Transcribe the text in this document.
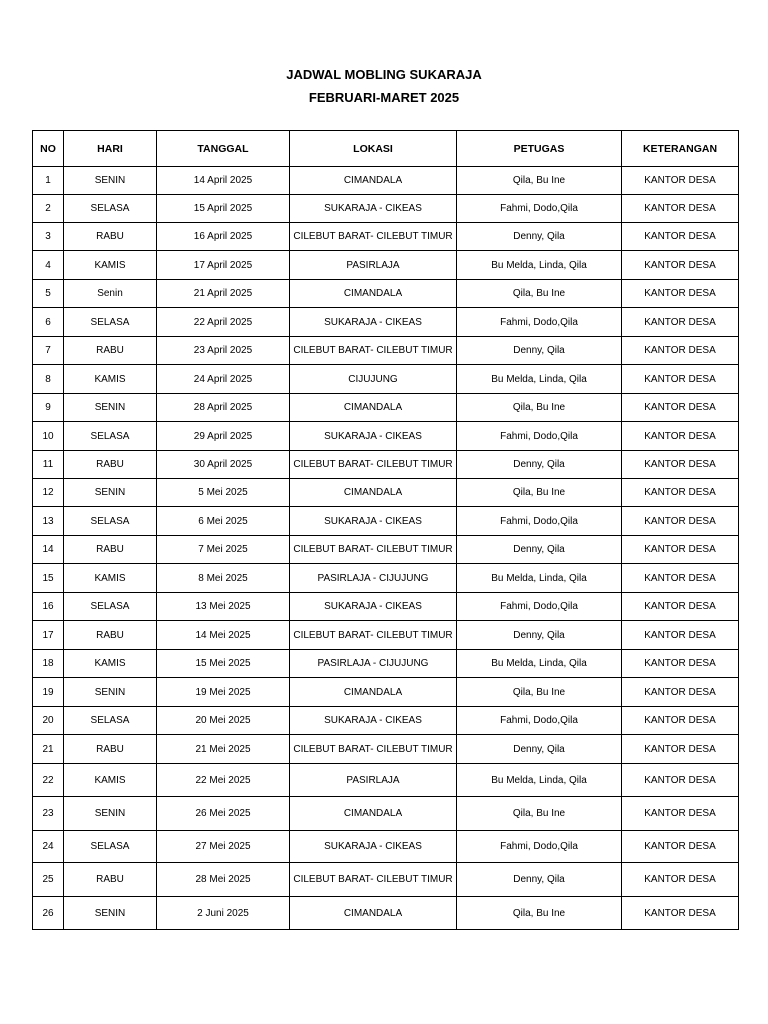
JADWAL MOBLING SUKARAJA
FEBRUARI-MARET 2025
NO	HARI	TANGGAL	LOKASI	PETUGAS	KETERANGAN
1	SENIN	14 April 2025	CIMANDALA	Qila, Bu Ine	KANTOR DESA
2	SELASA	15 April 2025	SUKARAJA - CIKEAS	Fahmi, Dodo,Qila	KANTOR DESA
3	RABU	16 April 2025	CILEBUT BARAT- CILEBUT TIMUR	Denny, Qila	KANTOR DESA
4	KAMIS	17 April 2025	PASIRLAJA	Bu Melda, Linda, Qila	KANTOR DESA
5	Senin	21 April 2025	CIMANDALA	Qila, Bu Ine	KANTOR DESA
6	SELASA	22 April 2025	SUKARAJA - CIKEAS	Fahmi, Dodo,Qila	KANTOR DESA
7	RABU	23 April 2025	CILEBUT BARAT- CILEBUT TIMUR	Denny, Qila	KANTOR DESA
8	KAMIS	24 April 2025	CIJUJUNG	Bu Melda, Linda, Qila	KANTOR DESA
9	SENIN	28 April 2025	CIMANDALA	Qila, Bu Ine	KANTOR DESA
10	SELASA	29 April 2025	SUKARAJA - CIKEAS	Fahmi, Dodo,Qila	KANTOR DESA
11	RABU	30 April 2025	CILEBUT BARAT- CILEBUT TIMUR	Denny, Qila	KANTOR DESA
12	SENIN	5 Mei 2025	CIMANDALA	Qila, Bu Ine	KANTOR DESA
13	SELASA	6 Mei 2025	SUKARAJA - CIKEAS	Fahmi, Dodo,Qila	KANTOR DESA
14	RABU	7 Mei 2025	CILEBUT BARAT- CILEBUT TIMUR	Denny, Qila	KANTOR DESA
15	KAMIS	8 Mei 2025	PASIRLAJA - CIJUJUNG	Bu Melda, Linda, Qila	KANTOR DESA
16	SELASA	13 Mei 2025	SUKARAJA - CIKEAS	Fahmi, Dodo,Qila	KANTOR DESA
17	RABU	14 Mei 2025	CILEBUT BARAT- CILEBUT TIMUR	Denny, Qila	KANTOR DESA
18	KAMIS	15 Mei 2025	PASIRLAJA - CIJUJUNG	Bu Melda, Linda, Qila	KANTOR DESA
19	SENIN	19 Mei 2025	CIMANDALA	Qila, Bu Ine	KANTOR DESA
20	SELASA	20 Mei 2025	SUKARAJA - CIKEAS	Fahmi, Dodo,Qila	KANTOR DESA
21	RABU	21 Mei 2025	CILEBUT BARAT- CILEBUT TIMUR	Denny, Qila	KANTOR DESA
22	KAMIS	22 Mei 2025	PASIRLAJA	Bu Melda, Linda, Qila	KANTOR DESA
23	SENIN	26 Mei 2025	CIMANDALA	Qila, Bu Ine	KANTOR DESA
24	SELASA	27 Mei 2025	SUKARAJA - CIKEAS	Fahmi, Dodo,Qila	KANTOR DESA
25	RABU	28 Mei 2025	CILEBUT BARAT- CILEBUT TIMUR	Denny, Qila	KANTOR DESA
26	SENIN	2 Juni 2025	CIMANDALA	Qila, Bu Ine	KANTOR DESA
